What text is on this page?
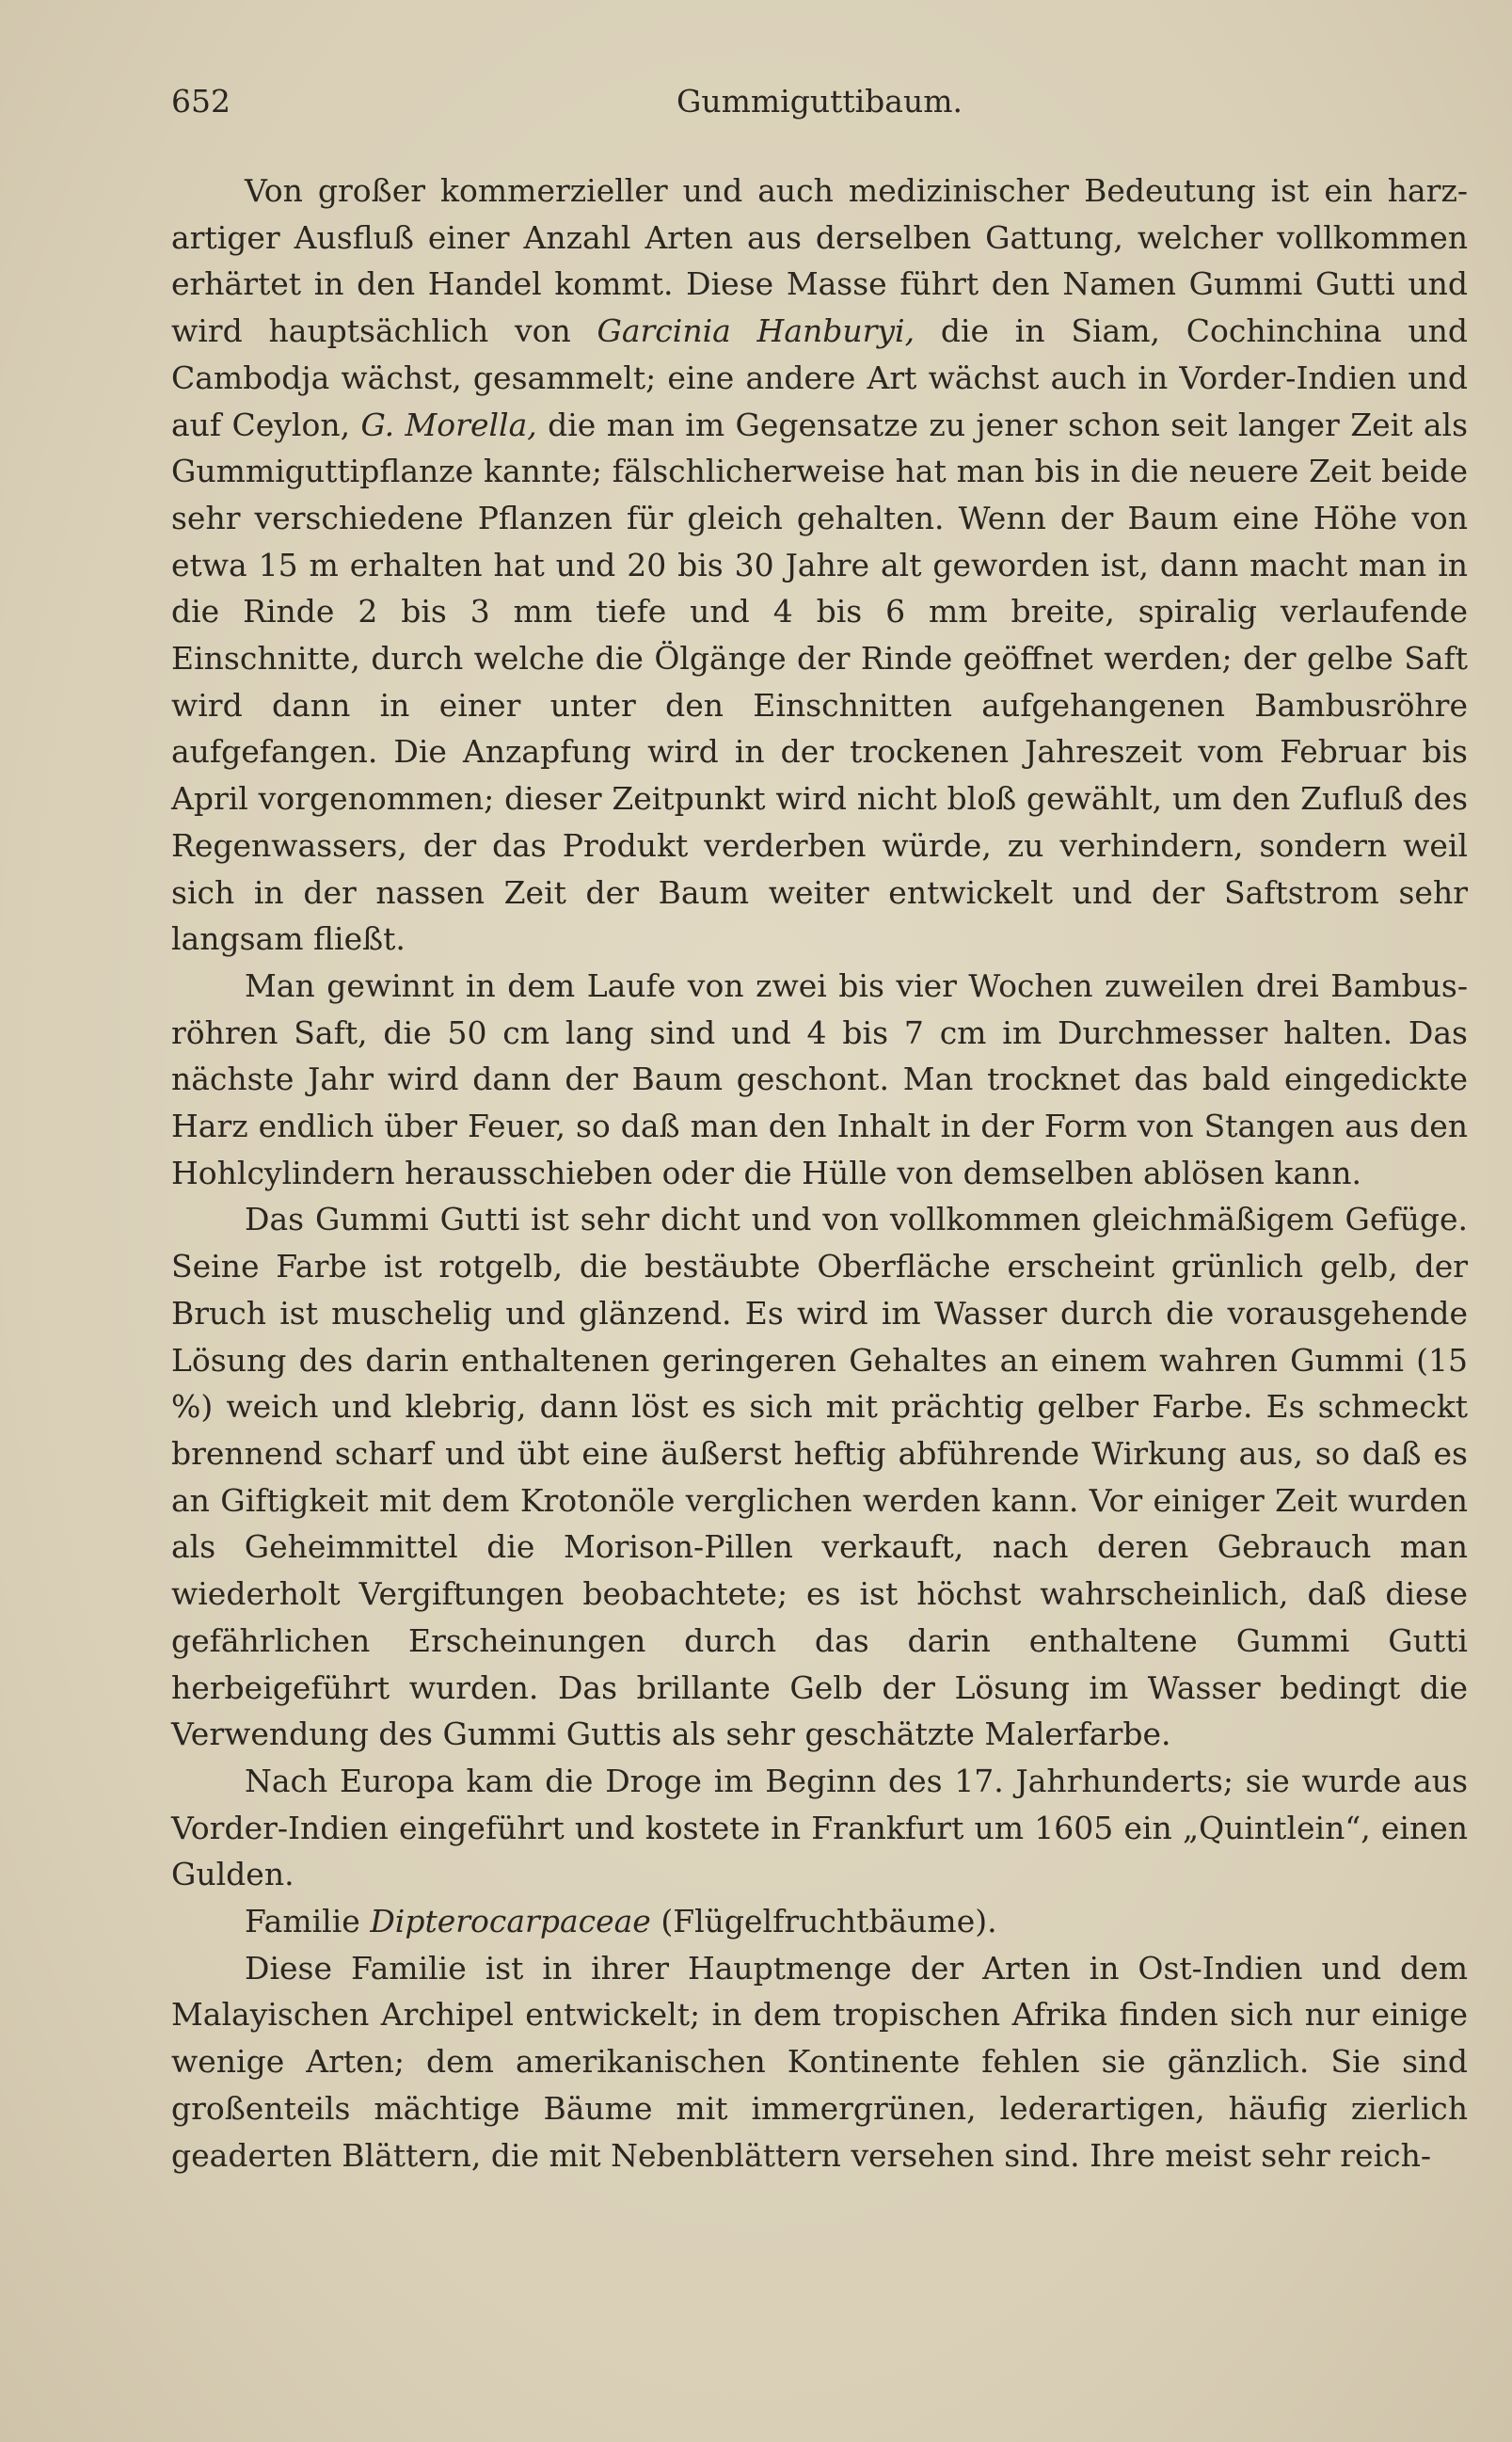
652	Gummiguttibaum.

Von großer kommerzieller und auch medizinischer Bedeutung ist ein harzartiger Ausfluß einer Anzahl Arten aus derselben Gattung, welcher vollkommen erhärtet in den Handel kommt. Diese Masse führt den Namen Gummi Gutti und wird hauptsächlich von Garcinia Hanburyi, die in Siam, Cochinchina und Cambodja wächst, gesammelt; eine andere Art wächst auch in Vorder-Indien und auf Ceylon, G. Morella, die man im Gegensatze zu jener schon seit langer Zeit als Gummiguttipflanze kannte; fälschlicherweise hat man bis in die neuere Zeit beide sehr verschiedene Pflanzen für gleich gehalten. Wenn der Baum eine Höhe von etwa 15 m erhalten hat und 20 bis 30 Jahre alt geworden ist, dann macht man in die Rinde 2 bis 3 mm tiefe und 4 bis 6 mm breite, spiralig verlaufende Einschnitte, durch welche die Ölgänge der Rinde geöffnet werden; der gelbe Saft wird dann in einer unter den Einschnitten aufgehangenen Bambusröhre aufgefangen. Die Anzapfung wird in der trockenen Jahreszeit vom Februar bis April vorgenommen; dieser Zeitpunkt wird nicht bloß gewählt, um den Zufluß des Regenwassers, der das Produkt verderben würde, zu verhindern, sondern weil sich in der nassen Zeit der Baum weiter entwickelt und der Saftstrom sehr langsam fließt.

Man gewinnt in dem Laufe von zwei bis vier Wochen zuweilen drei Bambusröhren Saft, die 50 cm lang sind und 4 bis 7 cm im Durchmesser halten. Das nächste Jahr wird dann der Baum geschont. Man trocknet das bald eingedickte Harz endlich über Feuer, so daß man den Inhalt in der Form von Stangen aus den Hohlcylindern herausschieben oder die Hülle von demselben ablösen kann.

Das Gummi Gutti ist sehr dicht und von vollkommen gleichmäßigem Gefüge. Seine Farbe ist rotgelb, die bestäubte Oberfläche erscheint grünlich gelb, der Bruch ist muschelig und glänzend. Es wird im Wasser durch die vorausgehende Lösung des darin enthaltenen geringeren Gehaltes an einem wahren Gummi (15 %) weich und klebrig, dann löst es sich mit prächtig gelber Farbe. Es schmeckt brennend scharf und übt eine äußerst heftig abführende Wirkung aus, so daß es an Giftigkeit mit dem Krotonöle verglichen werden kann. Vor einiger Zeit wurden als Geheimmittel die Morison-Pillen verkauft, nach deren Gebrauch man wiederholt Vergiftungen beobachtete; es ist höchst wahrscheinlich, daß diese gefährlichen Erscheinungen durch das darin enthaltene Gummi Gutti herbeigeführt wurden. Das brillante Gelb der Lösung im Wasser bedingt die Verwendung des Gummi Guttis als sehr geschätzte Malerfarbe.

Nach Europa kam die Droge im Beginn des 17. Jahrhunderts; sie wurde aus Vorder-Indien eingeführt und kostete in Frankfurt um 1605 ein „Quintlein“, einen Gulden.

Familie Dipterocarpaceae (Flügelfruchtbäume).

Diese Familie ist in ihrer Hauptmenge der Arten in Ost-Indien und dem Malayischen Archipel entwickelt; in dem tropischen Afrika finden sich nur einige wenige Arten; dem amerikanischen Kontinente fehlen sie gänzlich. Sie sind großenteils mächtige Bäume mit immergrünen, lederartigen, häufig zierlich geaderten Blättern, die mit Nebenblättern versehen sind. Ihre meist sehr reich-
